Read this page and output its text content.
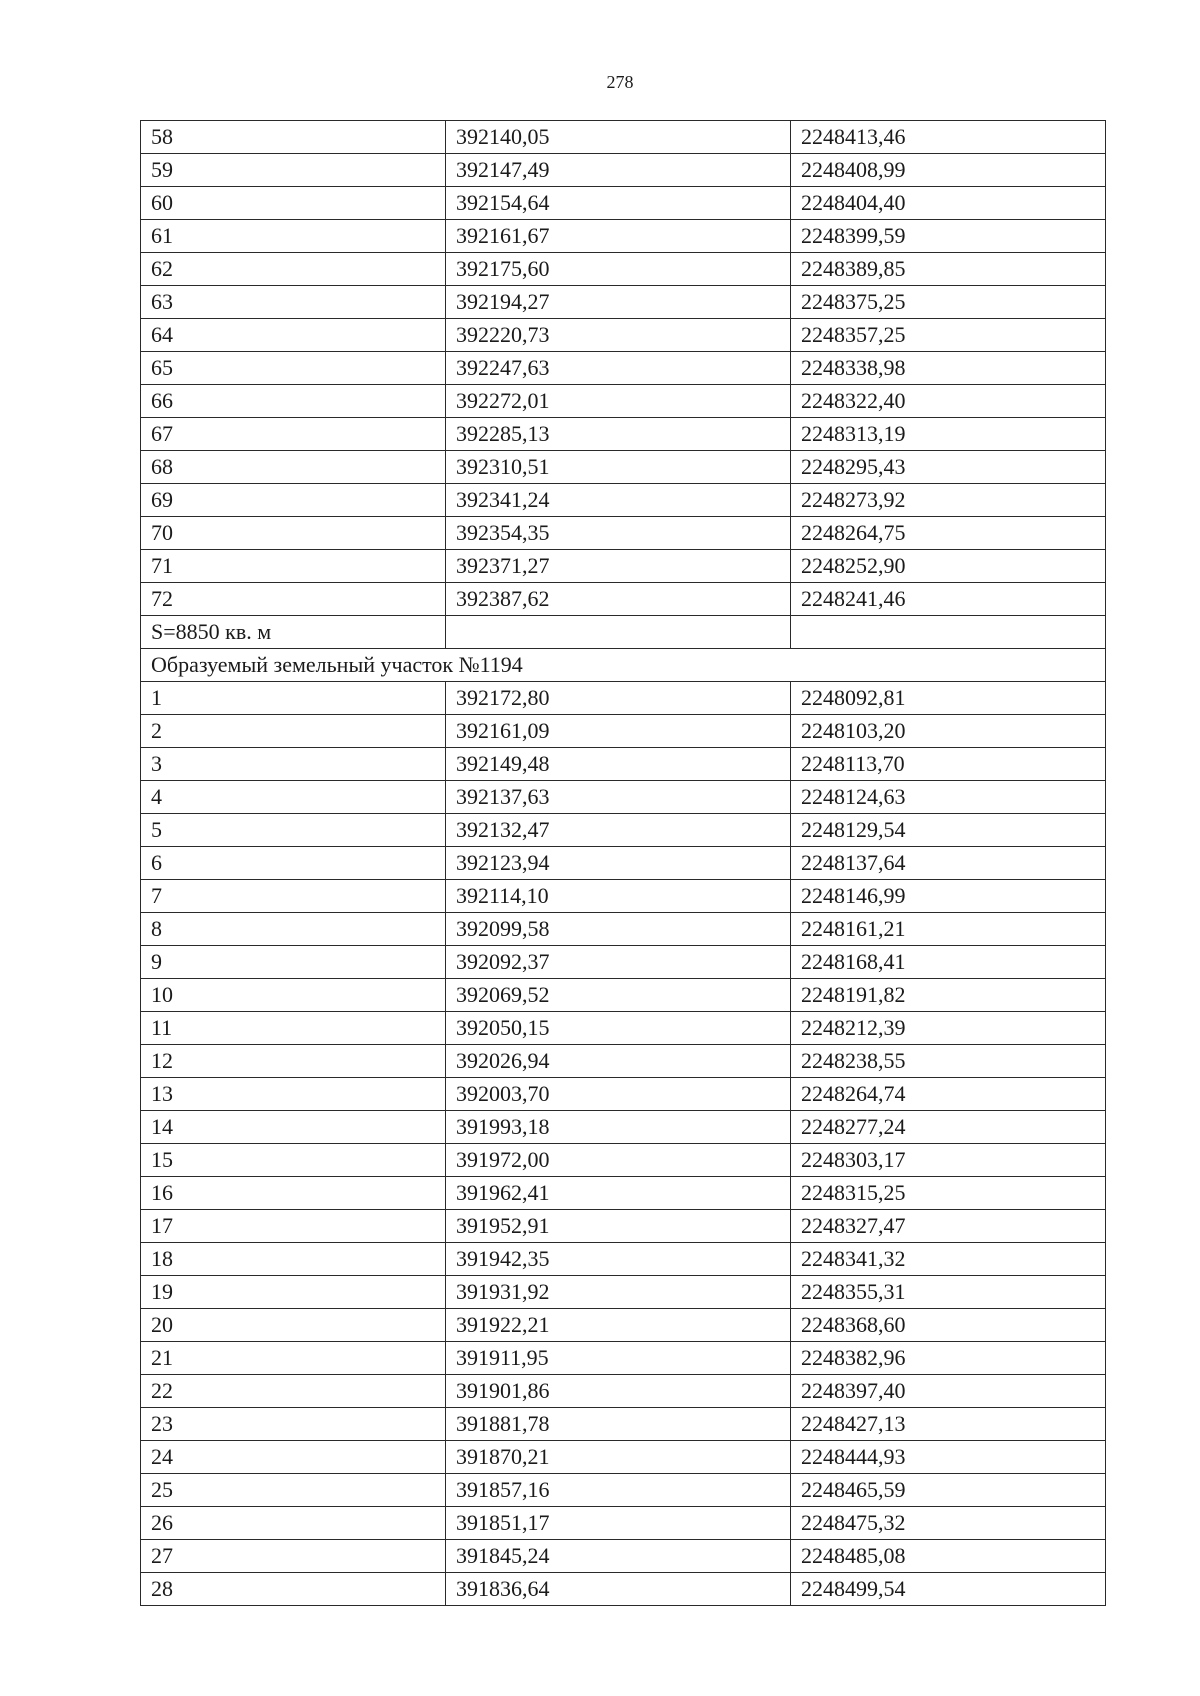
278
58	392140,05	2248413,46
59	392147,49	2248408,99
60	392154,64	2248404,40
61	392161,67	2248399,59
62	392175,60	2248389,85
63	392194,27	2248375,25
64	392220,73	2248357,25
65	392247,63	2248338,98
66	392272,01	2248322,40
67	392285,13	2248313,19
68	392310,51	2248295,43
69	392341,24	2248273,92
70	392354,35	2248264,75
71	392371,27	2248252,90
72	392387,62	2248241,46
S=8850 кв. м		
Образуемый земельный участок №1194		
1	392172,80	2248092,81
2	392161,09	2248103,20
3	392149,48	2248113,70
4	392137,63	2248124,63
5	392132,47	2248129,54
6	392123,94	2248137,64
7	392114,10	2248146,99
8	392099,58	2248161,21
9	392092,37	2248168,41
10	392069,52	2248191,82
11	392050,15	2248212,39
12	392026,94	2248238,55
13	392003,70	2248264,74
14	391993,18	2248277,24
15	391972,00	2248303,17
16	391962,41	2248315,25
17	391952,91	2248327,47
18	391942,35	2248341,32
19	391931,92	2248355,31
20	391922,21	2248368,60
21	391911,95	2248382,96
22	391901,86	2248397,40
23	391881,78	2248427,13
24	391870,21	2248444,93
25	391857,16	2248465,59
26	391851,17	2248475,32
27	391845,24	2248485,08
28	391836,64	2248499,54
